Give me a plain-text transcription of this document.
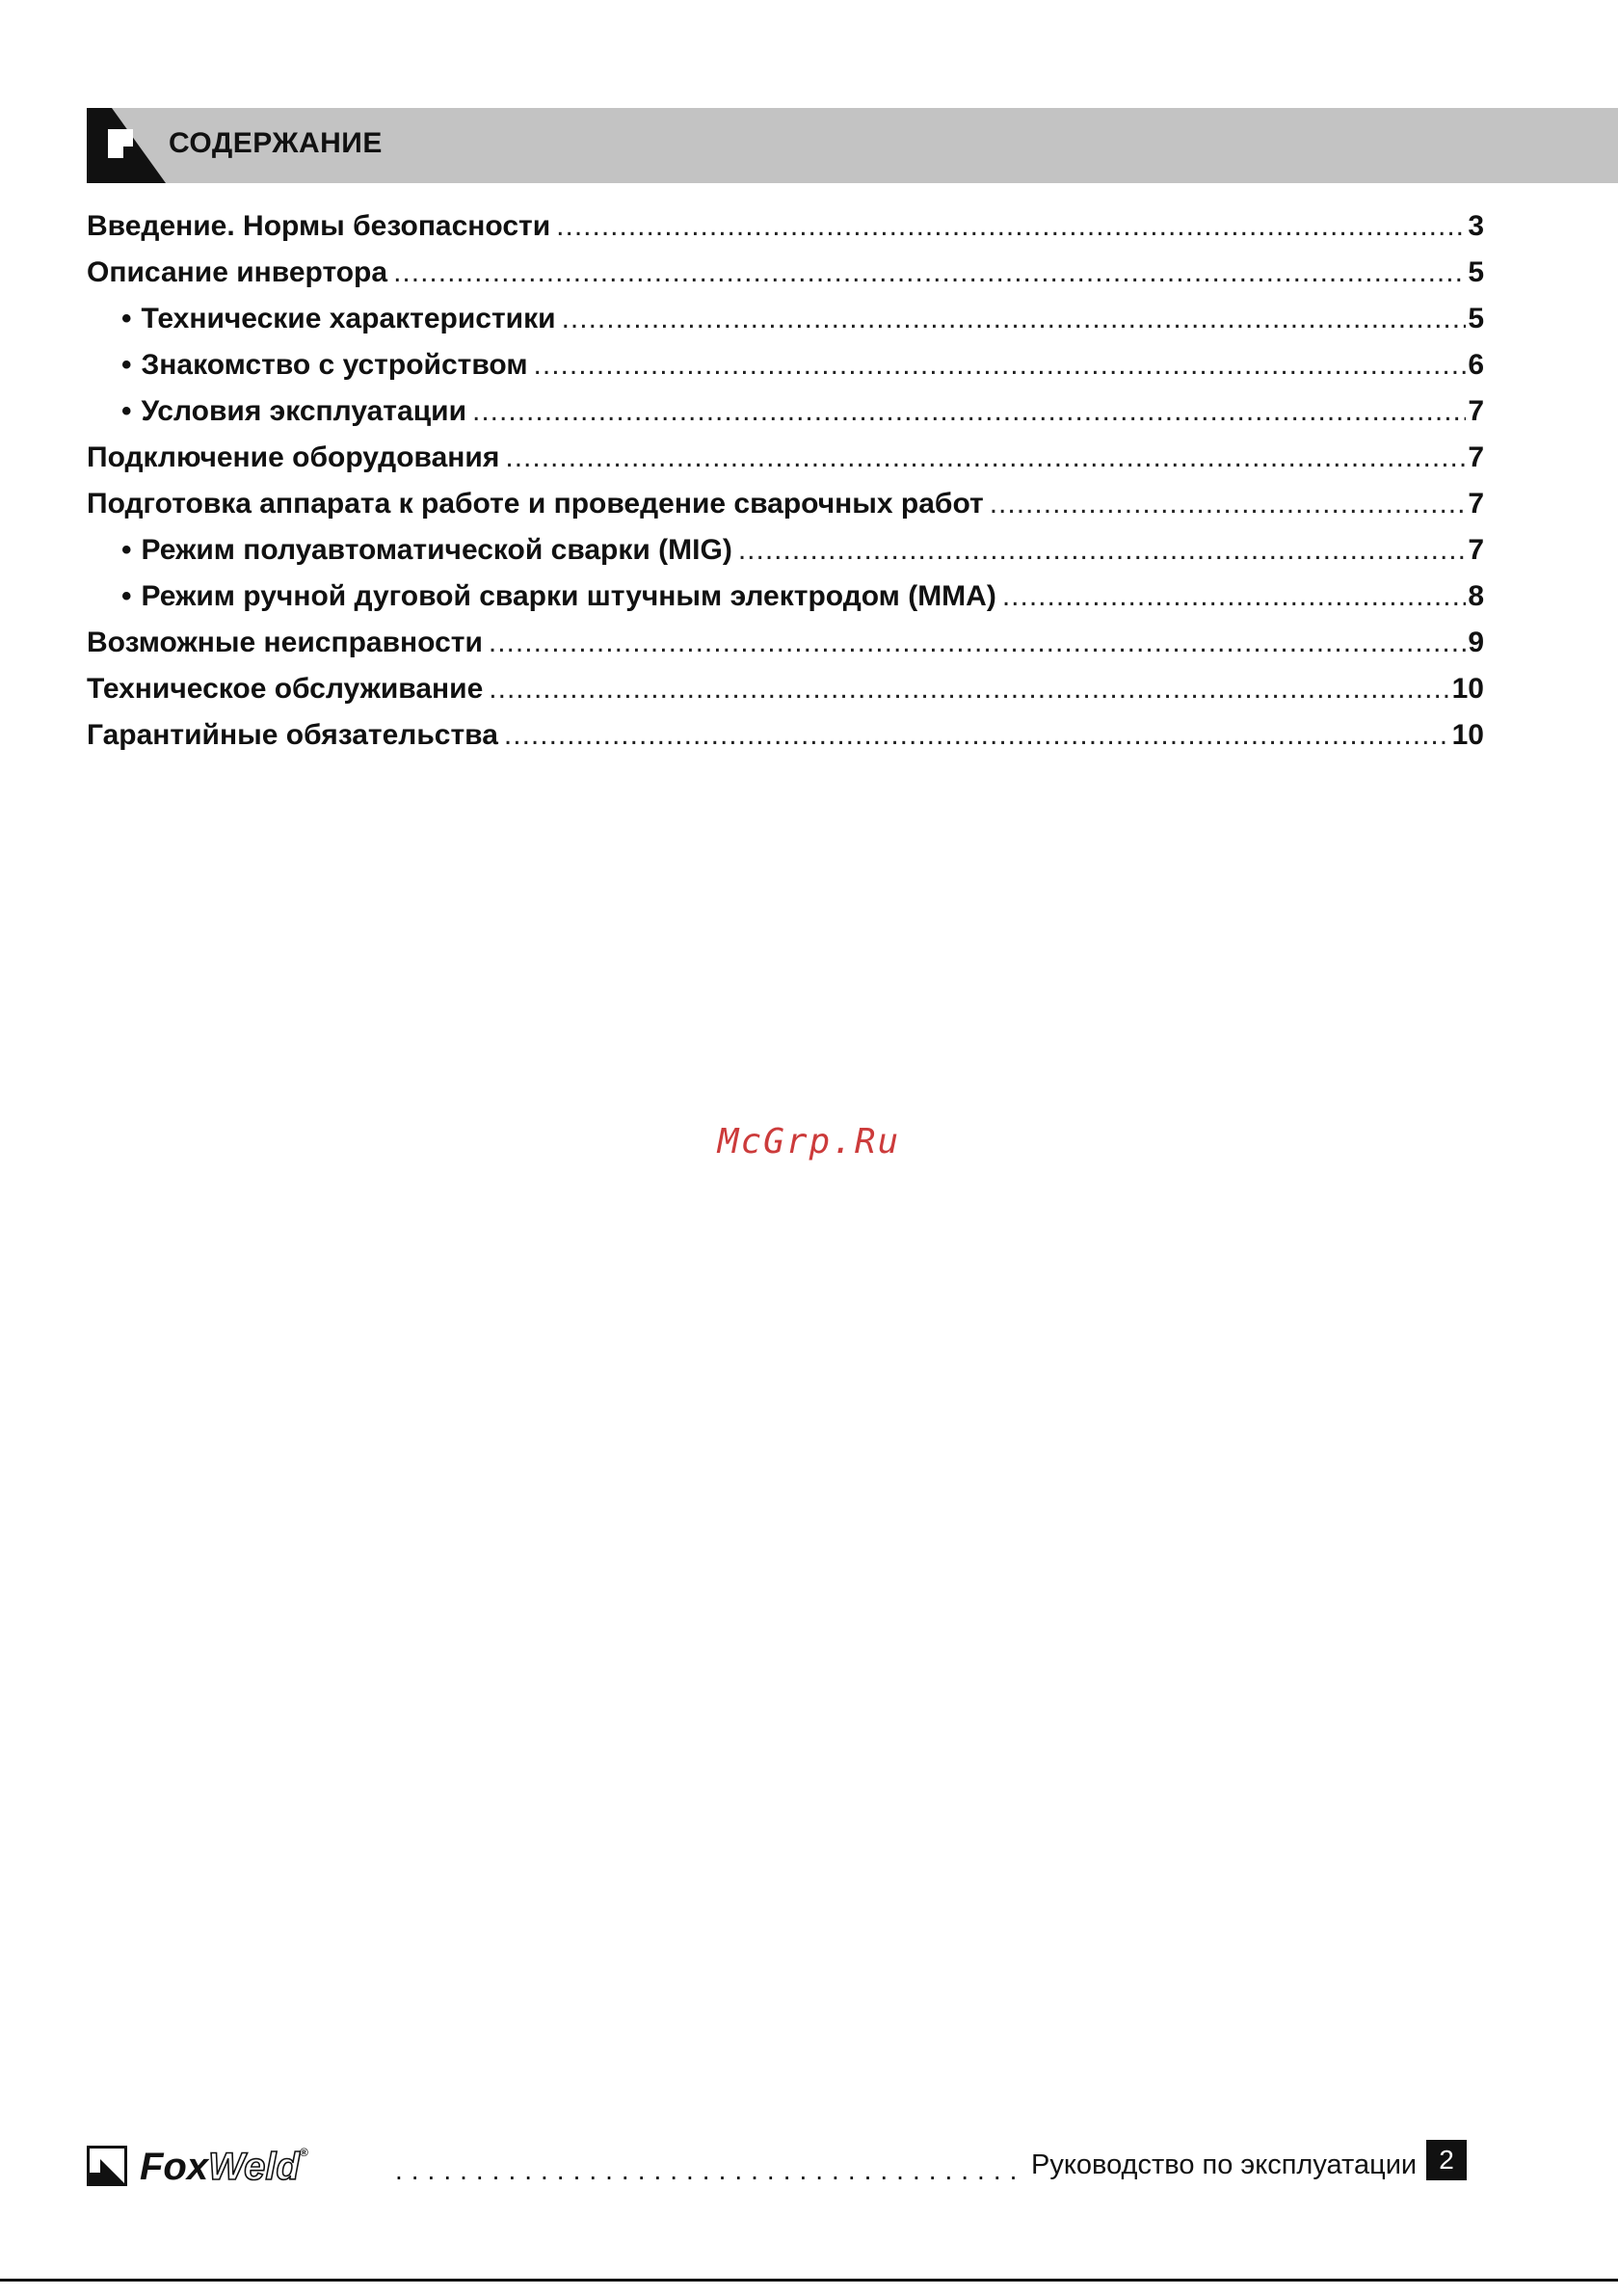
СОДЕРЖАНИЕ
Введение. Нормы безопасности .....	3
Описание инвертора .....	5
• Технические характеристики .....	5
• Знакомство с устройством .....	6
• Условия эксплуатации .....	7
Подключение оборудования .....	7
Подготовка аппарата к работе и проведение сварочных работ .....	7
• Режим полуавтоматической сварки (MIG) .....	7
• Режим ручной дуговой сварки штучным электродом (ММА) .....	8
Возможные неисправности .....	9
Техническое обслуживание .....	10
Гарантийные обязательства .....	10
McGrp.Ru
FoxWeld® .....	Руководство по эксплуатации 2
